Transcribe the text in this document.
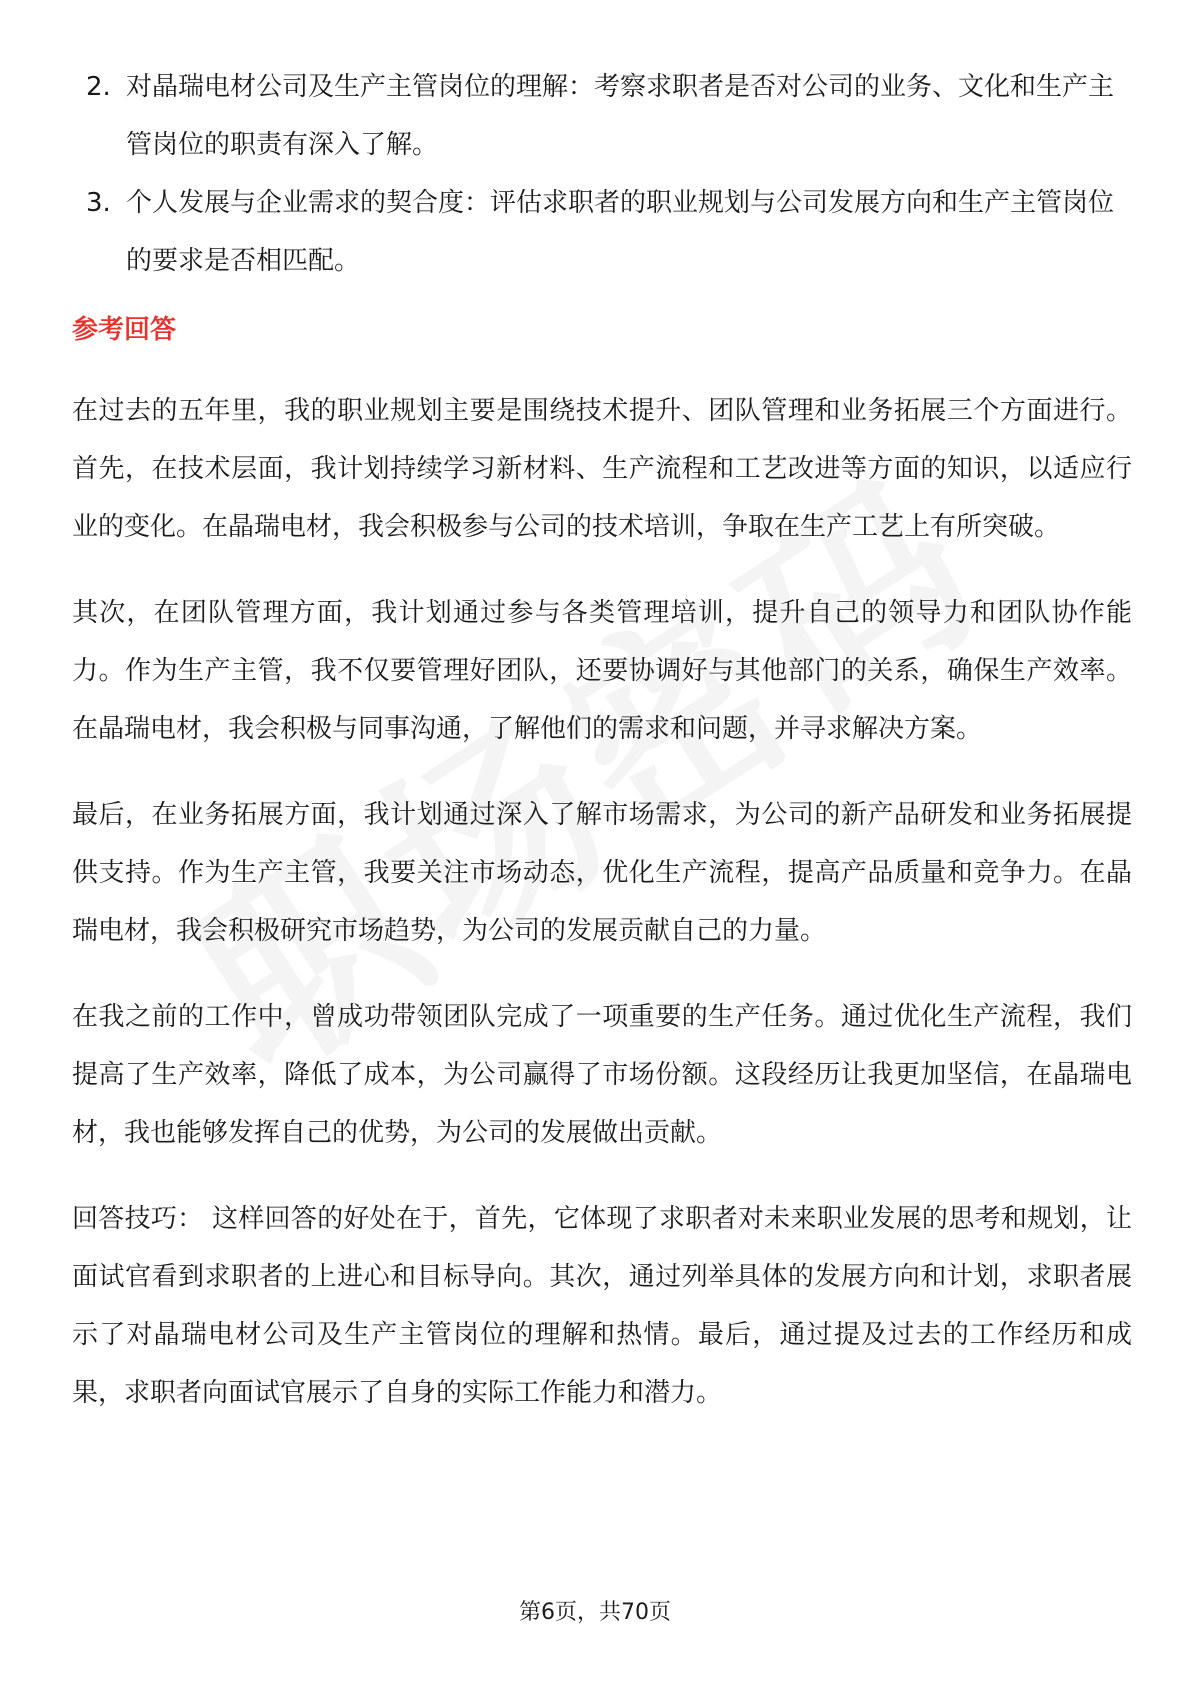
2. 对晶瑞电材公司及生产主管岗位的理解：考察求职者是否对公司的业务、文化和生产主管岗位的职责有深入了解。
3. 个人发展与企业需求的契合度：评估求职者的职业规划与公司发展方向和生产主管岗位的要求是否相匹配。
参考回答

在过去的五年里，我的职业规划主要是围绕技术提升、团队管理和业务拓展三个方面进行。首先，在技术层面，我计划持续学习新材料、生产流程和工艺改进等方面的知识，以适应行业的变化。在晶瑞电材，我会积极参与公司的技术培训，争取在生产工艺上有所突破。

其次，在团队管理方面，我计划通过参与各类管理培训，提升自己的领导力和团队协作能力。作为生产主管，我不仅要管理好团队，还要协调好与其他部门的关系，确保生产效率。在晶瑞电材，我会积极与同事沟通，了解他们的需求和问题，并寻求解决方案。

最后，在业务拓展方面，我计划通过深入了解市场需求，为公司的新产品研发和业务拓展提供支持。作为生产主管，我要关注市场动态，优化生产流程，提高产品质量和竞争力。在晶瑞电材，我会积极研究市场趋势，为公司的发展贡献自己的力量。

在我之前的工作中，曾成功带领团队完成了一项重要的生产任务。通过优化生产流程，我们提高了生产效率，降低了成本，为公司赢得了市场份额。这段经历让我更加坚信，在晶瑞电材，我也能够发挥自己的优势，为公司的发展做出贡献。

回答技巧： 这样回答的好处在于，首先，它体现了求职者对未来职业发展的思考和规划，让面试官看到求职者的上进心和目标导向。其次，通过列举具体的发展方向和计划，求职者展示了对晶瑞电材公司及生产主管岗位的理解和热情。最后，通过提及过去的工作经历和成果，求职者向面试官展示了自身的实际工作能力和潜力。

第6页，共70页
